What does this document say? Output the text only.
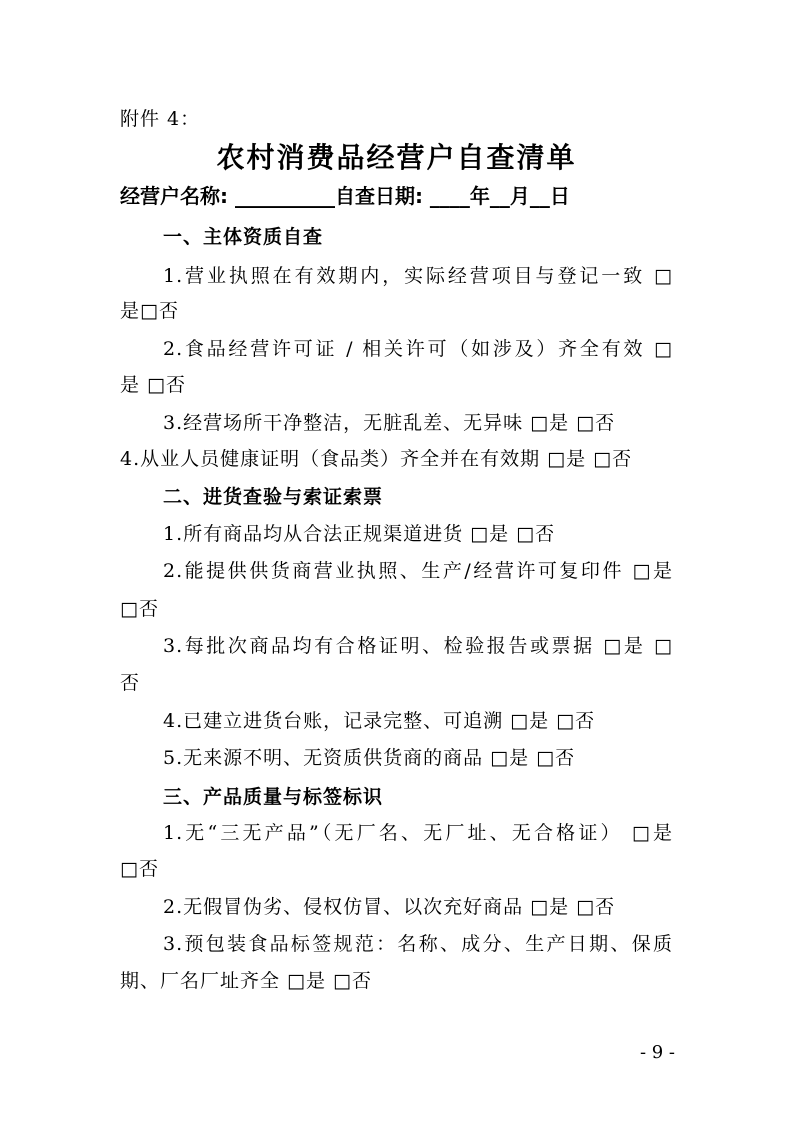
附件 4：
农村消费品经营户自查清单
经营户名称: __________自查日期: ____年__月__日
一、主体资质自查
1.营业执照在有效期内，实际经营项目与登记一致 □
是□否
2.食品经营许可证 / 相关许可（如涉及）齐全有效 □
是 □否
3.经营场所干净整洁，无脏乱差、无异味 □是 □否
4.从业人员健康证明（食品类）齐全并在有效期 □是 □否
二、进货查验与索证索票
1.所有商品均从合法正规渠道进货 □是 □否
2.能提供供货商营业执照、生产/经营许可复印件 □是
□否
3.每批次商品均有合格证明、检验报告或票据 □是 □
否
4.已建立进货台账，记录完整、可追溯 □是 □否
5.无来源不明、无资质供货商的商品 □是 □否
三、产品质量与标签标识
1.无“三无产品”（无厂名、无厂址、无合格证） □是
□否
2.无假冒伪劣、侵权仿冒、以次充好商品 □是 □否
3.预包装食品标签规范：名称、成分、生产日期、保质
期、厂名厂址齐全 □是 □否
- 9 -
